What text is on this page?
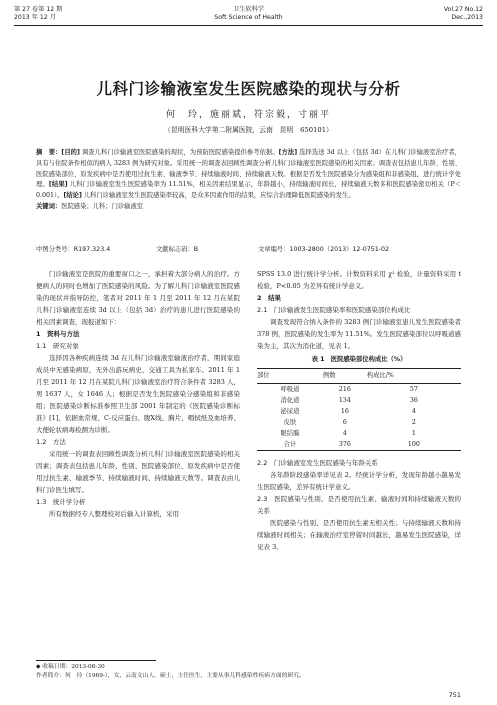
第 27 卷第 12 期
2013 年 12 月
卫生软科学
Soft Science of Health
Vol.27 No.12
Dec.,2013
儿科门诊输液室发生医院感染的现状与分析
何　玲，施丽斌，符宗毅，寸丽平
（昆明医科大学第二附属医院，云南　昆明　650101）
摘　要：[目的] 调查儿科门诊输液室医院感染的现状，为预防医院感染提供参考依据。[方法] 选择选送 3d 以上（包括 3d）在儿科门诊输液室治疗者，具有与住院条件相似的病人 3283 例为研究对象。采用统一的调查表回顾性调查分析儿科门诊输液室医院感染的相关因素；调查表包括患儿年龄、性别、医院感染部位、原发疾病中是否使用过抗生素、输液季节、持续输液时间、持续输液天数。根据是否发生医院感染分为感染组和非感染组，进行统计学处理。[结果] 儿科门诊输液室发生医院感染率为 11.51%，相关因素结果显示，年龄越小，持续输液时间长，持续输液天数多和医院感染密切相关（P＜0.001）。[结论] 儿科门诊输液室发生医院感染率较高，是众多因素作用的结果，应综合治理降低医院感染的发生。
关键词：医院感染；儿科；门诊输液室
中图分类号：R197.323.4	文献标志码：B	文章编号：1003-2800（2013）12-0751-02

门诊输液室是医院的重要窗口之一，承担着大部分病人的治疗。方便病人的同时也增加了医院感染的风险。为了解儿科门诊输液室医院感染的现状并指导防控，笔者对 2011 年 1 月至 2011 年 12 月在某院儿科门诊输液室连续 3d 以上（包括 3d）治疗的患儿进行医院感染的相关因素调查，现报道如下：

1　资料与方法

1.1　研究对象

选择因各种疾病连续 3d 在儿科门诊输液室输液治疗者，期间家庭成员中无感染病原，无外出游玩病史，交通工具为私家车。2011 年 1 月至 2011 年 12 月在某院儿科门诊输液室治疗符合条件者 3283 人，男 1637 人，女 1646 人；根据是否发生医院感染分感染组和非感染组；医院感染诊断标准参照卫生部 2001 年制定的《医院感染诊断标准》[1]，依据血常规、C-反应蛋白、腹X线、胸片、咽拭纸及血培养、大便轮状病毒检测为诊断。

1.2　方法

采用统一的调查表回顾性调查分析儿科门诊输液室医院感染的相关因素；调查表包括患儿年龄、性别、医院感染部位、原发疾病中是否使用过抗生素、输液季节、持续输液时间、持续输液天数等。调查表由儿科门诊医生填写。

1.3　统计学分析

所有数据经专人整理校对后输入计算机，采用

SPSS 13.0 进行统计学分析。计数资料采用 χ² 检验，计量资料采用 t 检验，P<0.05 为差异有统计学意义。

2　结果

2.1　门诊输液发生医院感染率和医院感染部位构成比

调查发现符合纳入条件的 3283 例门诊输液室患儿发生医院感染者 378 例，医院感染的发生率为 11.51%。发生医院感染部位以呼吸道感染为主，其次为消化道，见表 1。

表 1　医院感染部位构成比（%）
部位	例数	构成比/%
呼吸道	216	57
消化道	134	36
泌尿道	16	4
皮肤	6	2
眼结膜	4	1
合计	376	100

2.2　门诊输液室发生医院感染与年龄关系

各年龄阶段感染率详见表 2。经统计学分析，发现年龄越小越易发生医院感染，差异有统计学意义。

2.3　医院感染与性别、是否使用抗生素、输液时间和持续输液天数的关系

医院感染与性别、是否使用抗生素无相关性；与持续输液天数和持续输液时间相关；在输液治疗室停留时间越长，越易发生医院感染，详见表 3。

◆ 收稿日期：2013-08-30
作者简介：何　玲（1969-），女，云南文山人，硕士，主任医生，主要从事儿科感染性疾病方面的研究。
751
